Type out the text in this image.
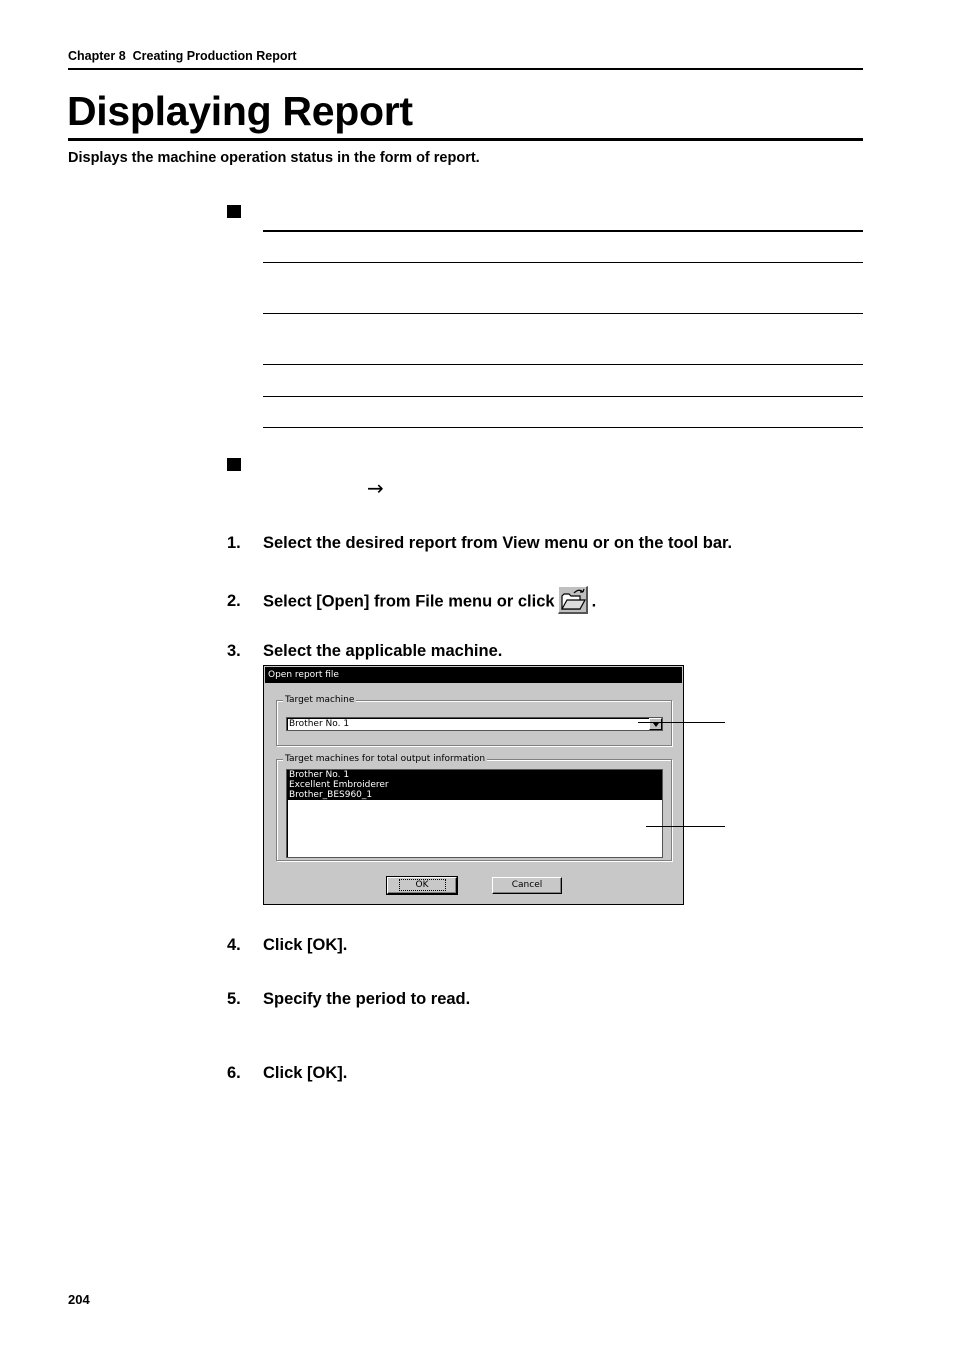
Chapter 8  Creating Production Report
Displaying Report
Displays the machine operation status in the form of report.
→
1. Select the desired report from View menu or on the tool bar.
2. Select [Open] from File menu or click .
3. Select the applicable machine.
Open report file
Target machine
Brother No. 1
Target machines for total output information
Brother No. 1
Excellent Embroiderer
Brother_BES960_1
OK	Cancel
4. Click [OK].
5. Specify the period to read.
6. Click [OK].
204
